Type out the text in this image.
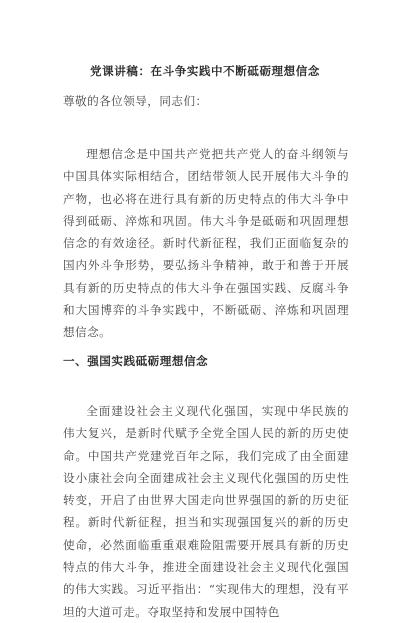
党课讲稿：在斗争实践中不断砥砺理想信念
尊敬的各位领导，同志们：
理想信念是中国共产党把共产党人的奋斗纲领与中国具体实际相结合，团结带领人民开展伟大斗争的产物，也必将在进行具有新的历史特点的伟大斗争中得到砥砺、淬炼和巩固。伟大斗争是砥砺和巩固理想信念的有效途径。新时代新征程，我们正面临复杂的国内外斗争形势，要弘扬斗争精神，敢于和善于开展具有新的历史特点的伟大斗争在强国实践、反腐斗争和大国博弈的斗争实践中，不断砥砺、淬炼和巩固理想信念。
一、强国实践砥砺理想信念
全面建设社会主义现代化强国，实现中华民族的伟大复兴，是新时代赋予全党全国人民的新的历史使命。中国共产党建党百年之际，我们完成了由全面建设小康社会向全面建成社会主义现代化强国的历史性转变，开启了由世界大国走向世界强国的新的历史征程。新时代新征程，担当和实现强国复兴的新的历史使命，必然面临重重艰难险阻需要开展具有新的历史特点的伟大斗争，推进全面建设社会主义现代化强国的伟大实践。习近平指出：“实现伟大的理想，没有平坦的大道可走。夺取坚持和发展中国特色
